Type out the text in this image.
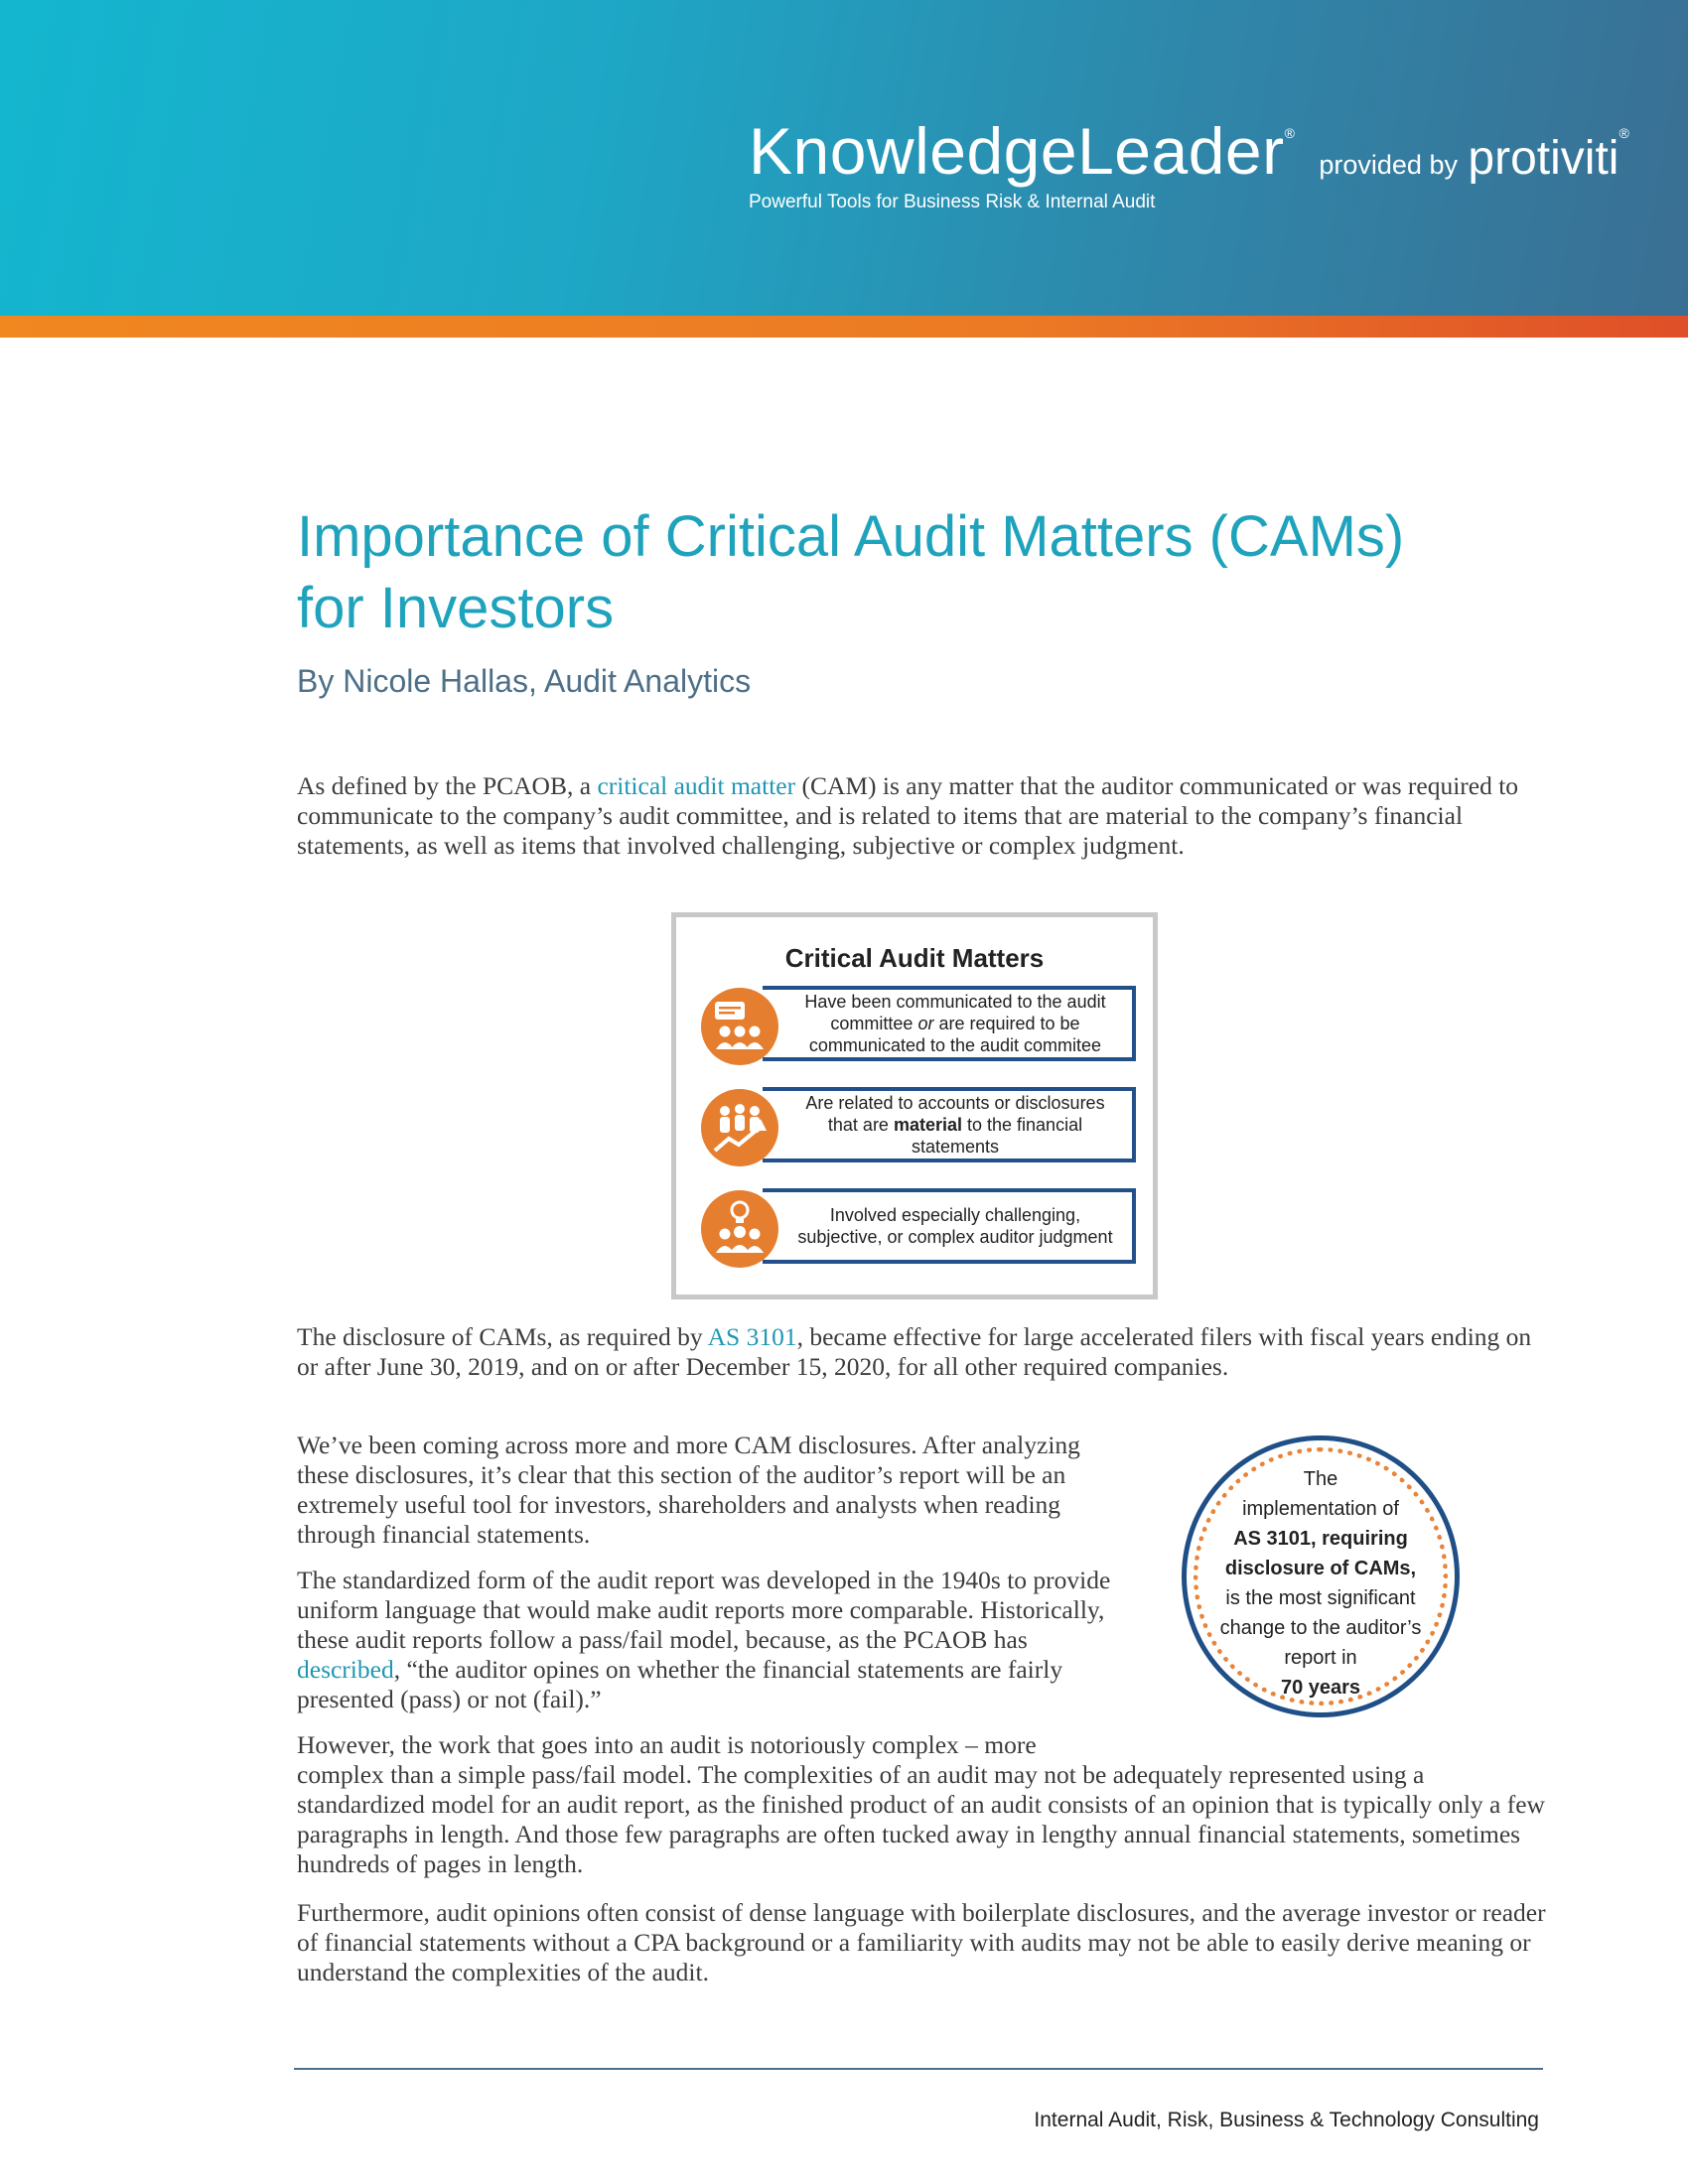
KnowledgeLeader® provided by protiviti®
Powerful Tools for Business Risk & Internal Audit
Importance of Critical Audit Matters (CAMs)
for Investors
By Nicole Hallas, Audit Analytics

As defined by the PCAOB, a critical audit matter (CAM) is any matter that the auditor communicated or was required to communicate to the company’s audit committee, and is related to items that are material to the company’s financial statements, as well as items that involved challenging, subjective or complex judgment.

Critical Audit Matters
Have been communicated to the audit committee or are required to be communicated to the audit commitee
Are related to accounts or disclosures that are material to the financial statements
Involved especially challenging, subjective, or complex auditor judgment

The disclosure of CAMs, as required by AS 3101, became effective for large accelerated filers with fiscal years ending on or after June 30, 2019, and on or after December 15, 2020, for all other required companies.

We’ve been coming across more and more CAM disclosures. After analyzing these disclosures, it’s clear that this section of the auditor’s report will be an extremely useful tool for investors, shareholders and analysts when reading through financial statements.

The standardized form of the audit report was developed in the 1940s to provide uniform language that would make audit reports more comparable. Historically, these audit reports follow a pass/fail model, because, as the PCAOB has described, “the auditor opines on whether the financial statements are fairly presented (pass) or not (fail).”

The
implementation of
AS 3101, requiring
disclosure of CAMs,
is the most significant
change to the auditor’s
report in
70 years

However, the work that goes into an audit is notoriously complex – more
complex than a simple pass/fail model. The complexities of an audit may not be adequately represented using a standardized model for an audit report, as the finished product of an audit consists of an opinion that is typically only a few paragraphs in length. And those few paragraphs are often tucked away in lengthy annual financial statements, sometimes hundreds of pages in length.

Furthermore, audit opinions often consist of dense language with boilerplate disclosures, and the average investor or reader of financial statements without a CPA background or a familiarity with audits may not be able to easily derive meaning or understand the complexities of the audit.

Internal Audit, Risk, Business & Technology Consulting
